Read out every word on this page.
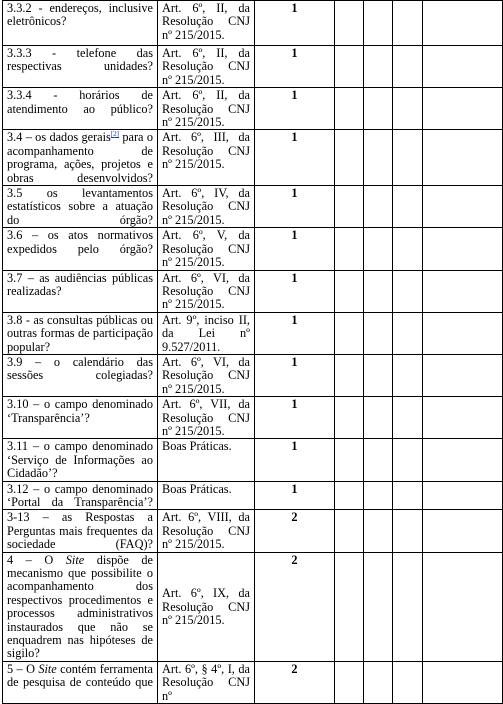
3.3.2 - endereços, inclusive eletrônicos?	Art. 6º, II, da Resolução CNJ nº 215/2015.	1				
3.3.3 - telefone das respectivas unidades?	Art. 6º, II, da Resolução CNJ nº 215/2015.	1				
3.3.4 - horários de atendimento ao público?	Art. 6º, II, da Resolução CNJ nº 215/2015.	1				
3.4 – os dados gerais[2] para o acompanhamento de programa, ações, projetos e obras desenvolvidos?	Art. 6º, III, da Resolução CNJ nº 215/2015.	1				
3.5 os levantamentos estatísticos sobre a atuação do órgão?	Art. 6º, IV, da Resolução CNJ nº 215/2015.	1				
3.6 – os atos normativos expedidos pelo órgão?	Art. 6º, V, da Resolução CNJ nº 215/2015.	1				
3.7 – as audiências públicas realizadas?	Art. 6º, VI, da Resolução CNJ nº 215/2015.	1				
3.8 - as consultas públicas ou outras formas de participação popular?	Art. 9º, inciso II, da Lei nº 9.527/2011.	1				
3.9 – o calendário das sessões colegiadas?	Art. 6º, VI, da Resolução CNJ nº 215/2015.	1				
3.10 – o campo denominado ‘Transparência’?	Art. 6º, VII, da Resolução CNJ nº 215/2015.	1				
3.11 – o campo denominado ‘Serviço de Informações ao Cidadão’?	Boas Práticas.	1				
3.12 – o campo denominado ‘Portal da Transparência’?	Boas Práticas.	1				
3-13 – as Respostas a Perguntas mais frequentes da sociedade (FAQ)?	Art. 6º, VIII, da Resolução CNJ nº 215/2015.	2				
4 – O Site dispõe de mecanismo que possibilite o acompanhamento dos respectivos procedimentos e processos administrativos instaurados que não se enquadrem nas hipóteses de sigilo?	Art. 6º, IX, da Resolução CNJ nº 215/2015.	2				
5 – O Site contém ferramenta de pesquisa de conteúdo que	Art. 6º, § 4º, I, da Resolução CNJ nº	2				
